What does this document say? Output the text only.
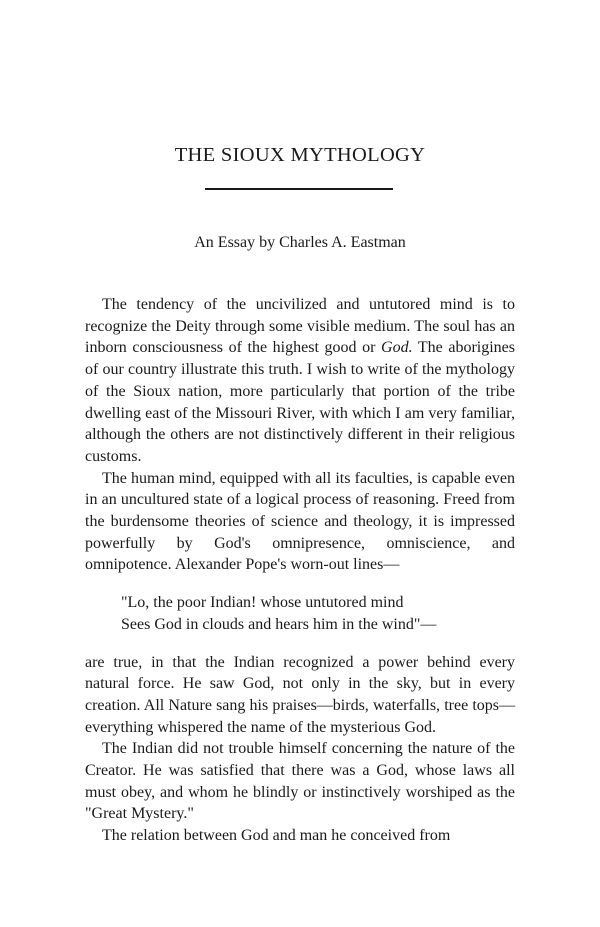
THE SIOUX MYTHOLOGY

An Essay by Charles A. Eastman

The tendency of the uncivilized and untutored mind is to recognize the Deity through some visible medium. The soul has an inborn consciousness of the highest good or God. The aborigines of our country illustrate this truth. I wish to write of the mythology of the Sioux nation, more particularly that portion of the tribe dwelling east of the Missouri River, with which I am very familiar, although the others are not distinctively different in their religious customs.

The human mind, equipped with all its faculties, is capable even in an uncultured state of a logical process of reasoning. Freed from the burdensome theories of science and theology, it is impressed powerfully by God's omnipresence, omniscience, and omnipotence. Alexander Pope's worn-out lines—

"Lo, the poor Indian! whose untutored mind
Sees God in clouds and hears him in the wind"—

are true, in that the Indian recognized a power behind every natural force. He saw God, not only in the sky, but in every creation. All Nature sang his praises—birds, waterfalls, tree tops—everything whispered the name of the mysterious God.

The Indian did not trouble himself concerning the nature of the Creator. He was satisfied that there was a God, whose laws all must obey, and whom he blindly or instinctively worshiped as the "Great Mystery."

The relation between God and man he conceived from
